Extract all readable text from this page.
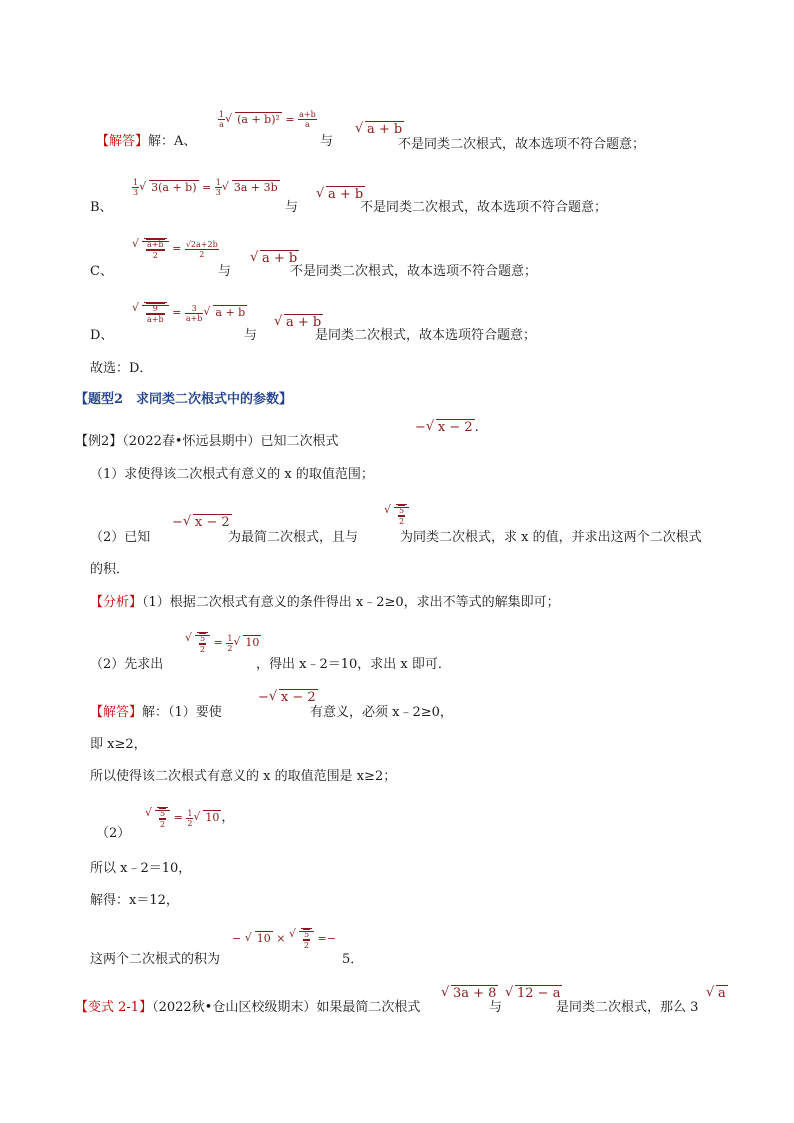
$\frac{1}{a}$ √ $(a + b)^2 = \frac{a+b}{a}$
【解答】解：A、	与
√ a + b
不是同类二次根式，故本选项不符合题意；
$\frac{1}{3}$ √ $3(a + b) = \frac{1}{3}$ √ 3a + 3b
B、	与
√ a + b
不是同类二次根式，故本选项不符合题意；
√ $\frac{a+b}{2} = \frac{√2a+2b}{2}$
C、	与
√ a + b
不是同类二次根式，故本选项不符合题意；
√ $\frac{9}{a+b} = \frac{3}{a+b}$ √ a + b
D、	与
√ a + b
是同类二次根式，故本选项符合题意；
故选：D．
【题型2　求同类二次根式中的参数】
【例2】（2022春•怀远县期中）已知二次根式
− √ x − 2 .
（1）求使得该二次根式有意义的 x 的取值范围；
（2）已知
− √ x − 2
为最简二次根式，且与
√ $\frac{5}{2}$
为同类二次根式，求 x 的值，并求出这两个二次根式
的积．
【分析】（1）根据二次根式有意义的条件得出 x﹣2≥0，求出不等式的解集即可；
（2）先求出
√ $\frac{5}{2} = \frac{1}{2}$ √ 10
，得出 x﹣2＝10，求出 x 即可．
【解答】解：（1）要使
− √ x − 2
有意义，必须 x﹣2≥0，
即 x≥2，
所以使得该二次根式有意义的 x 的取值范围是 x≥2；
（2）
√ $\frac{5}{2} = \frac{1}{2}$ √ 10 ，
所以 x﹣2＝10，
解得：x＝12，
这两个二次根式的积为
− √ 10 × √ $\frac{5}{2}$ =−
5．
【变式 2-1】（2022秋•仓山区校级期末）如果最简二次根式
√ 3a + 8
与
√ 12 − a
是同类二次根式，那么 3
√ a
